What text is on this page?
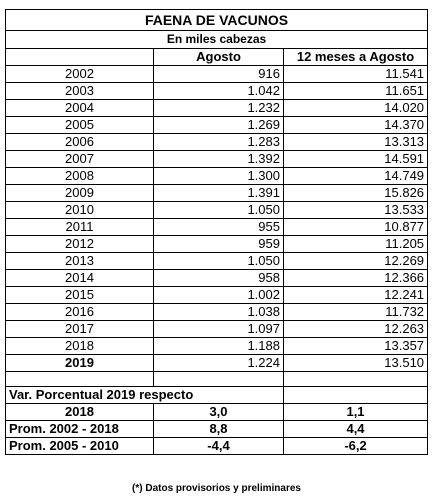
FAENA DE VACUNOS		
En miles cabezas		
	Agosto	12 meses a Agosto
2002	916	11.541
2003	1.042	11.651
2004	1.232	14.020
2005	1.269	14.370
2006	1.283	13.313
2007	1.392	14.591
2008	1.300	14.749
2009	1.391	15.826
2010	1.050	13.533
2011	955	10.877
2012	959	11.205
2013	1.050	12.269
2014	958	12.366
2015	1.002	12.241
2016	1.038	11.732
2017	1.097	12.263
2018	1.188	13.357
2019	1.224	13.510

Var. Porcentual 2019 respecto		
2018	3,0	1,1
Prom. 2002 - 2018	8,8	4,4
Prom. 2005 - 2010	-4,4	-6,2
(*) Datos provisorios y preliminares
